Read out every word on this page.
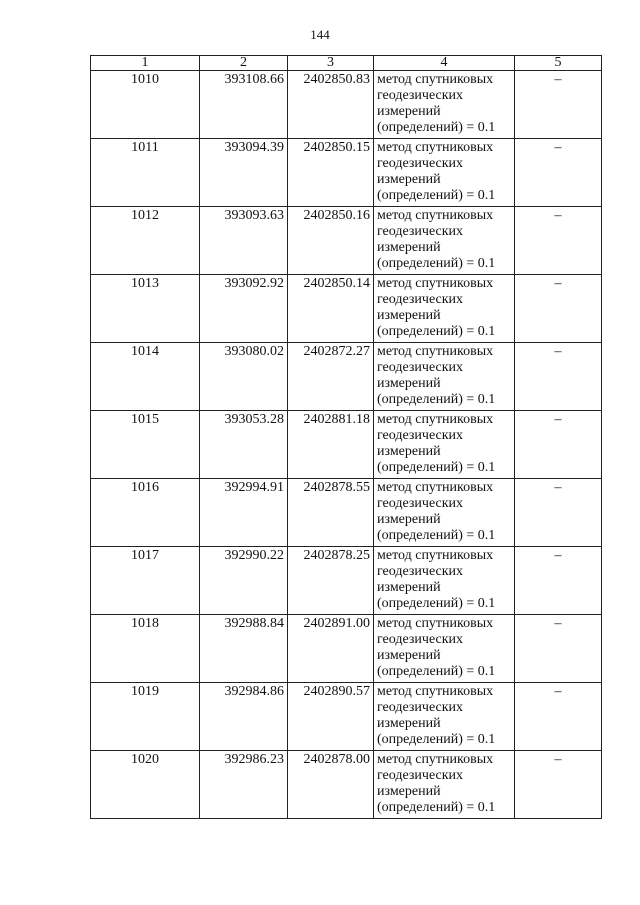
144
1	2	3	4	5
1010	393108.66	2402850.83	метод спутниковых геодезических измерений (определений) = 0.1	–
1011	393094.39	2402850.15	метод спутниковых геодезических измерений (определений) = 0.1	–
1012	393093.63	2402850.16	метод спутниковых геодезических измерений (определений) = 0.1	–
1013	393092.92	2402850.14	метод спутниковых геодезических измерений (определений) = 0.1	–
1014	393080.02	2402872.27	метод спутниковых геодезических измерений (определений) = 0.1	–
1015	393053.28	2402881.18	метод спутниковых геодезических измерений (определений) = 0.1	–
1016	392994.91	2402878.55	метод спутниковых геодезических измерений (определений) = 0.1	–
1017	392990.22	2402878.25	метод спутниковых геодезических измерений (определений) = 0.1	–
1018	392988.84	2402891.00	метод спутниковых геодезических измерений (определений) = 0.1	–
1019	392984.86	2402890.57	метод спутниковых геодезических измерений (определений) = 0.1	–
1020	392986.23	2402878.00	метод спутниковых геодезических измерений (определений) = 0.1	–
